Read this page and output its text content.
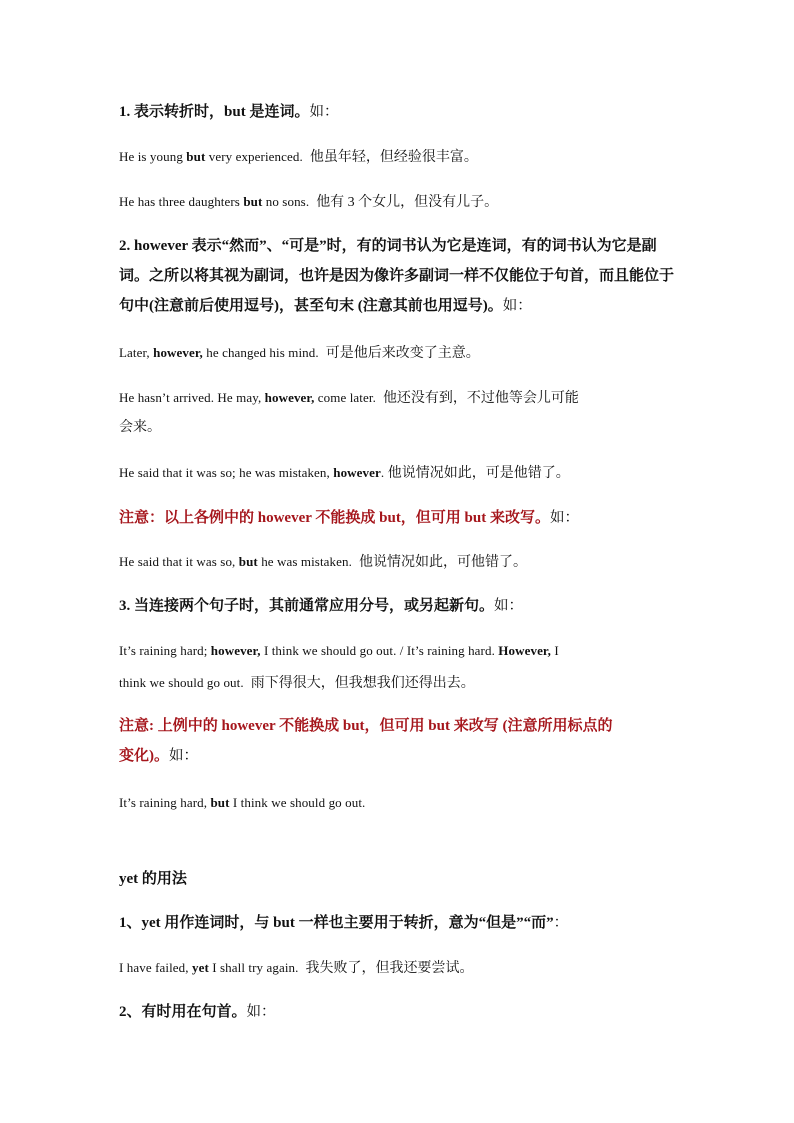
1. 表示转折时，but 是连词。如：
He is young but very experienced. 他虽年轻，但经验很丰富。
He has three daughters but no sons. 他有 3 个女儿，但没有儿子。
2. however 表示“然而”、“可是”时，有的词书认为它是连词，有的词书认为它是副词。之所以将其视为副词，也许是因为像许多副词一样不仅能位于句首，而且能位于句中(注意前后使用逗号)，甚至句末 (注意其前也用逗号)。如：
Later, however, he changed his mind. 可是他后来改变了主意。
He hasn’t arrived. He may, however, come later. 他还没有到，不过他等会儿可能
会来。
He said that it was so; he was mistaken, however. 他说情况如此，可是他错了。
注意：以上各例中的 however 不能换成 but，但可用 but 来改写。如：
He said that it was so, but he was mistaken. 他说情况如此，可他错了。
3. 当连接两个句子时，其前通常应用分号，或另起新句。如：
It’s raining hard; however, I think we should go out. / It’s raining hard. However, I
think we should go out. 雨下得很大，但我想我们还得出去。
注意: 上例中的 however 不能换成 but，但可用 but 来改写 (注意所用标点的
变化)。如：
It’s raining hard, but I think we should go out.
yet 的用法
1、yet 用作连词时，与 but 一样也主要用于转折，意为“但是”“而”：
I have failed, yet I shall try again. 我失败了，但我还要尝试。
2、有时用在句首。如：
